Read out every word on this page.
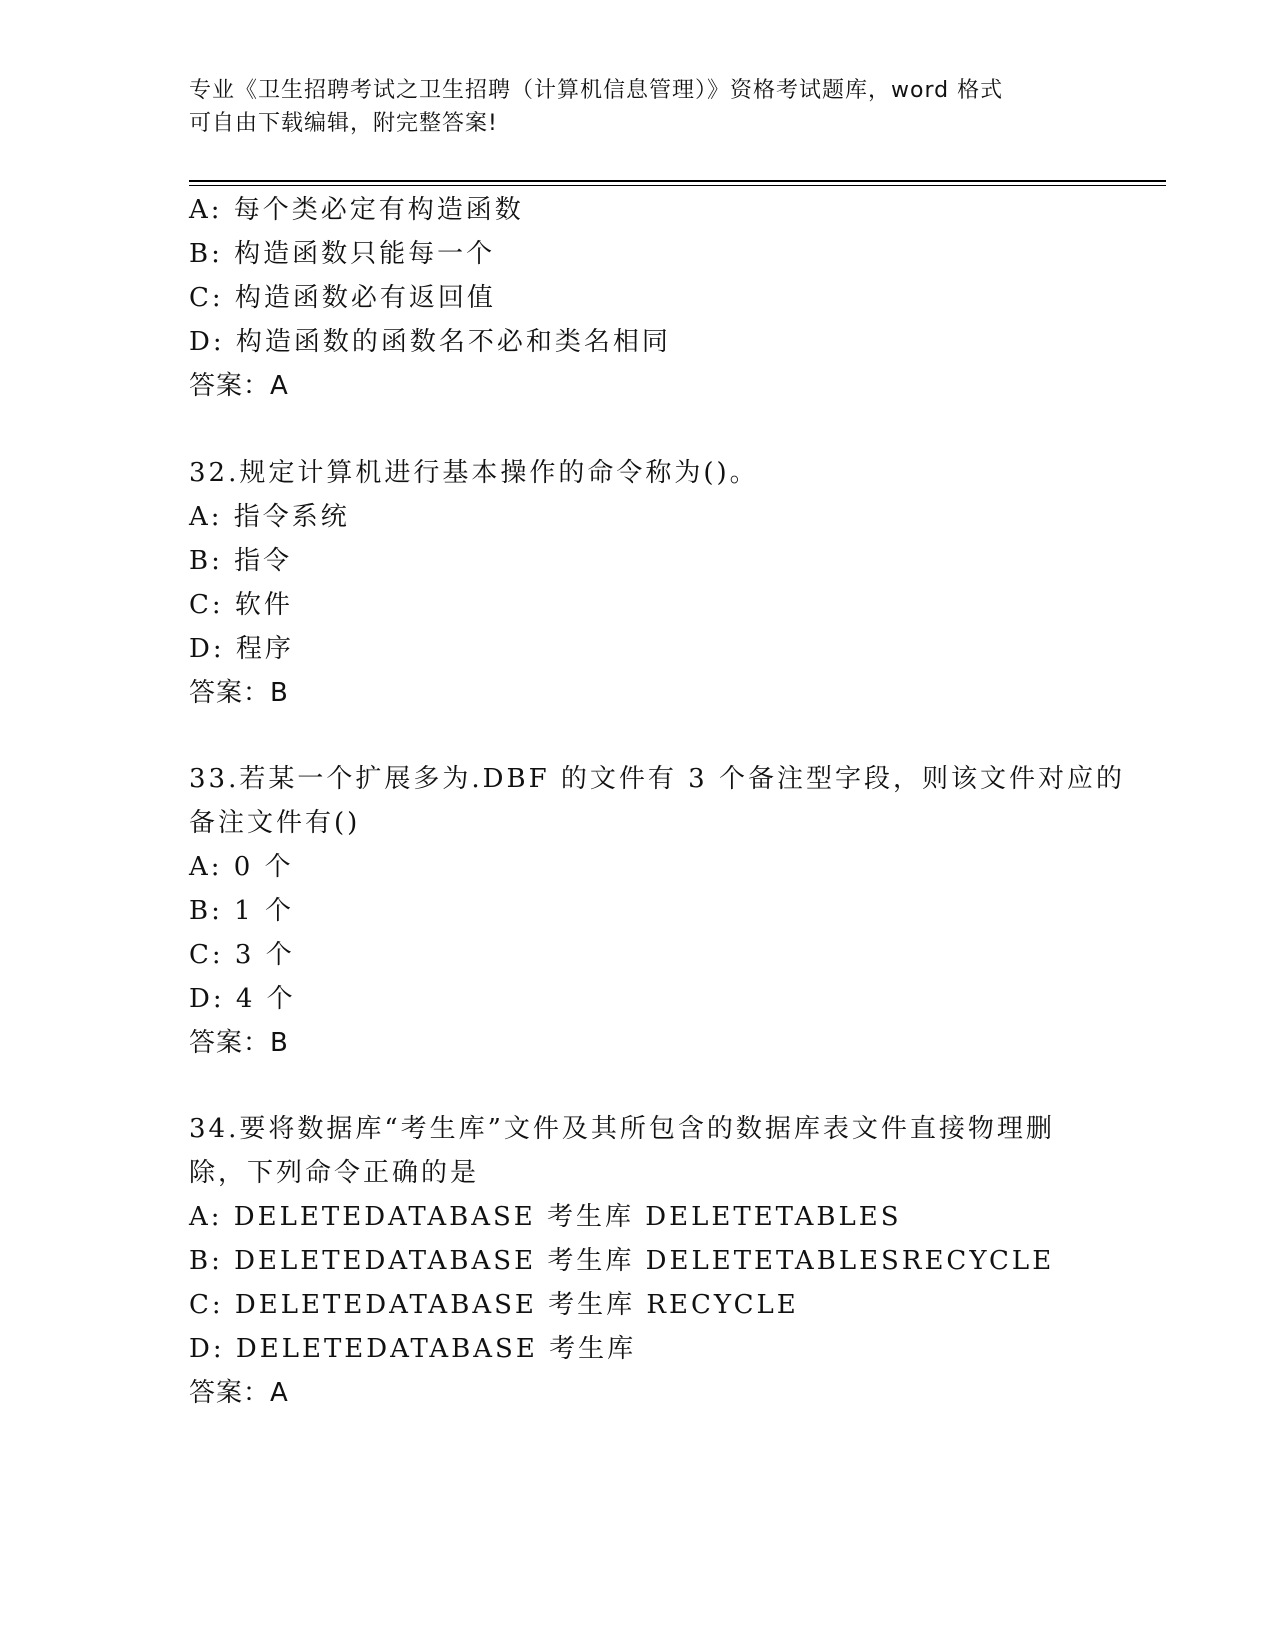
专业《卫生招聘考试之卫生招聘（计算机信息管理）》资格考试题库，word 格式
可自由下载编辑，附完整答案!
A: 每个类必定有构造函数
B: 构造函数只能每一个
C: 构造函数必有返回值
D: 构造函数的函数名不必和类名相同
答案：A
32.规定计算机进行基本操作的命令称为()。
A: 指令系统
B: 指令
C: 软件
D: 程序
答案：B
33.若某一个扩展多为.DBF 的文件有 3 个备注型字段，则该文件对应的
备注文件有()
A: 0 个
B: 1 个
C: 3 个
D: 4 个
答案：B
34.要将数据库“考生库”文件及其所包含的数据库表文件直接物理删
除，下列命令正确的是
A: DELETEDATABASE 考生库 DELETETABLES
B: DELETEDATABASE 考生库 DELETETABLESRECYCLE
C: DELETEDATABASE 考生库 RECYCLE
D: DELETEDATABASE 考生库
答案：A
